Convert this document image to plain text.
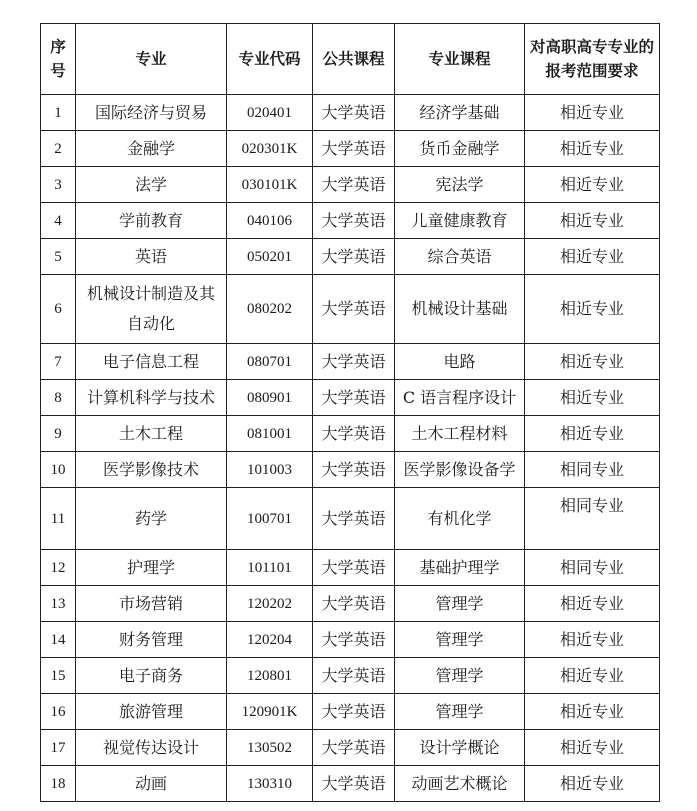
序号	专业	专业代码	公共课程	专业课程	对高职高专专业的报考范围要求
1	国际经济与贸易	020401	大学英语	经济学基础	相近专业
2	金融学	020301K	大学英语	货币金融学	相近专业
3	法学	030101K	大学英语	宪法学	相近专业
4	学前教育	040106	大学英语	儿童健康教育	相近专业
5	英语	050201	大学英语	综合英语	相近专业
6	机械设计制造及其自动化	080202	大学英语	机械设计基础	相近专业
7	电子信息工程	080701	大学英语	电路	相近专业
8	计算机科学与技术	080901	大学英语	C 语言程序设计	相近专业
9	土木工程	081001	大学英语	土木工程材料	相近专业
10	医学影像技术	101003	大学英语	医学影像设备学	相同专业
11	药学	100701	大学英语	有机化学	相同专业
12	护理学	101101	大学英语	基础护理学	相同专业
13	市场营销	120202	大学英语	管理学	相近专业
14	财务管理	120204	大学英语	管理学	相近专业
15	电子商务	120801	大学英语	管理学	相近专业
16	旅游管理	120901K	大学英语	管理学	相近专业
17	视觉传达设计	130502	大学英语	设计学概论	相近专业
18	动画	130310	大学英语	动画艺术概论	相近专业
